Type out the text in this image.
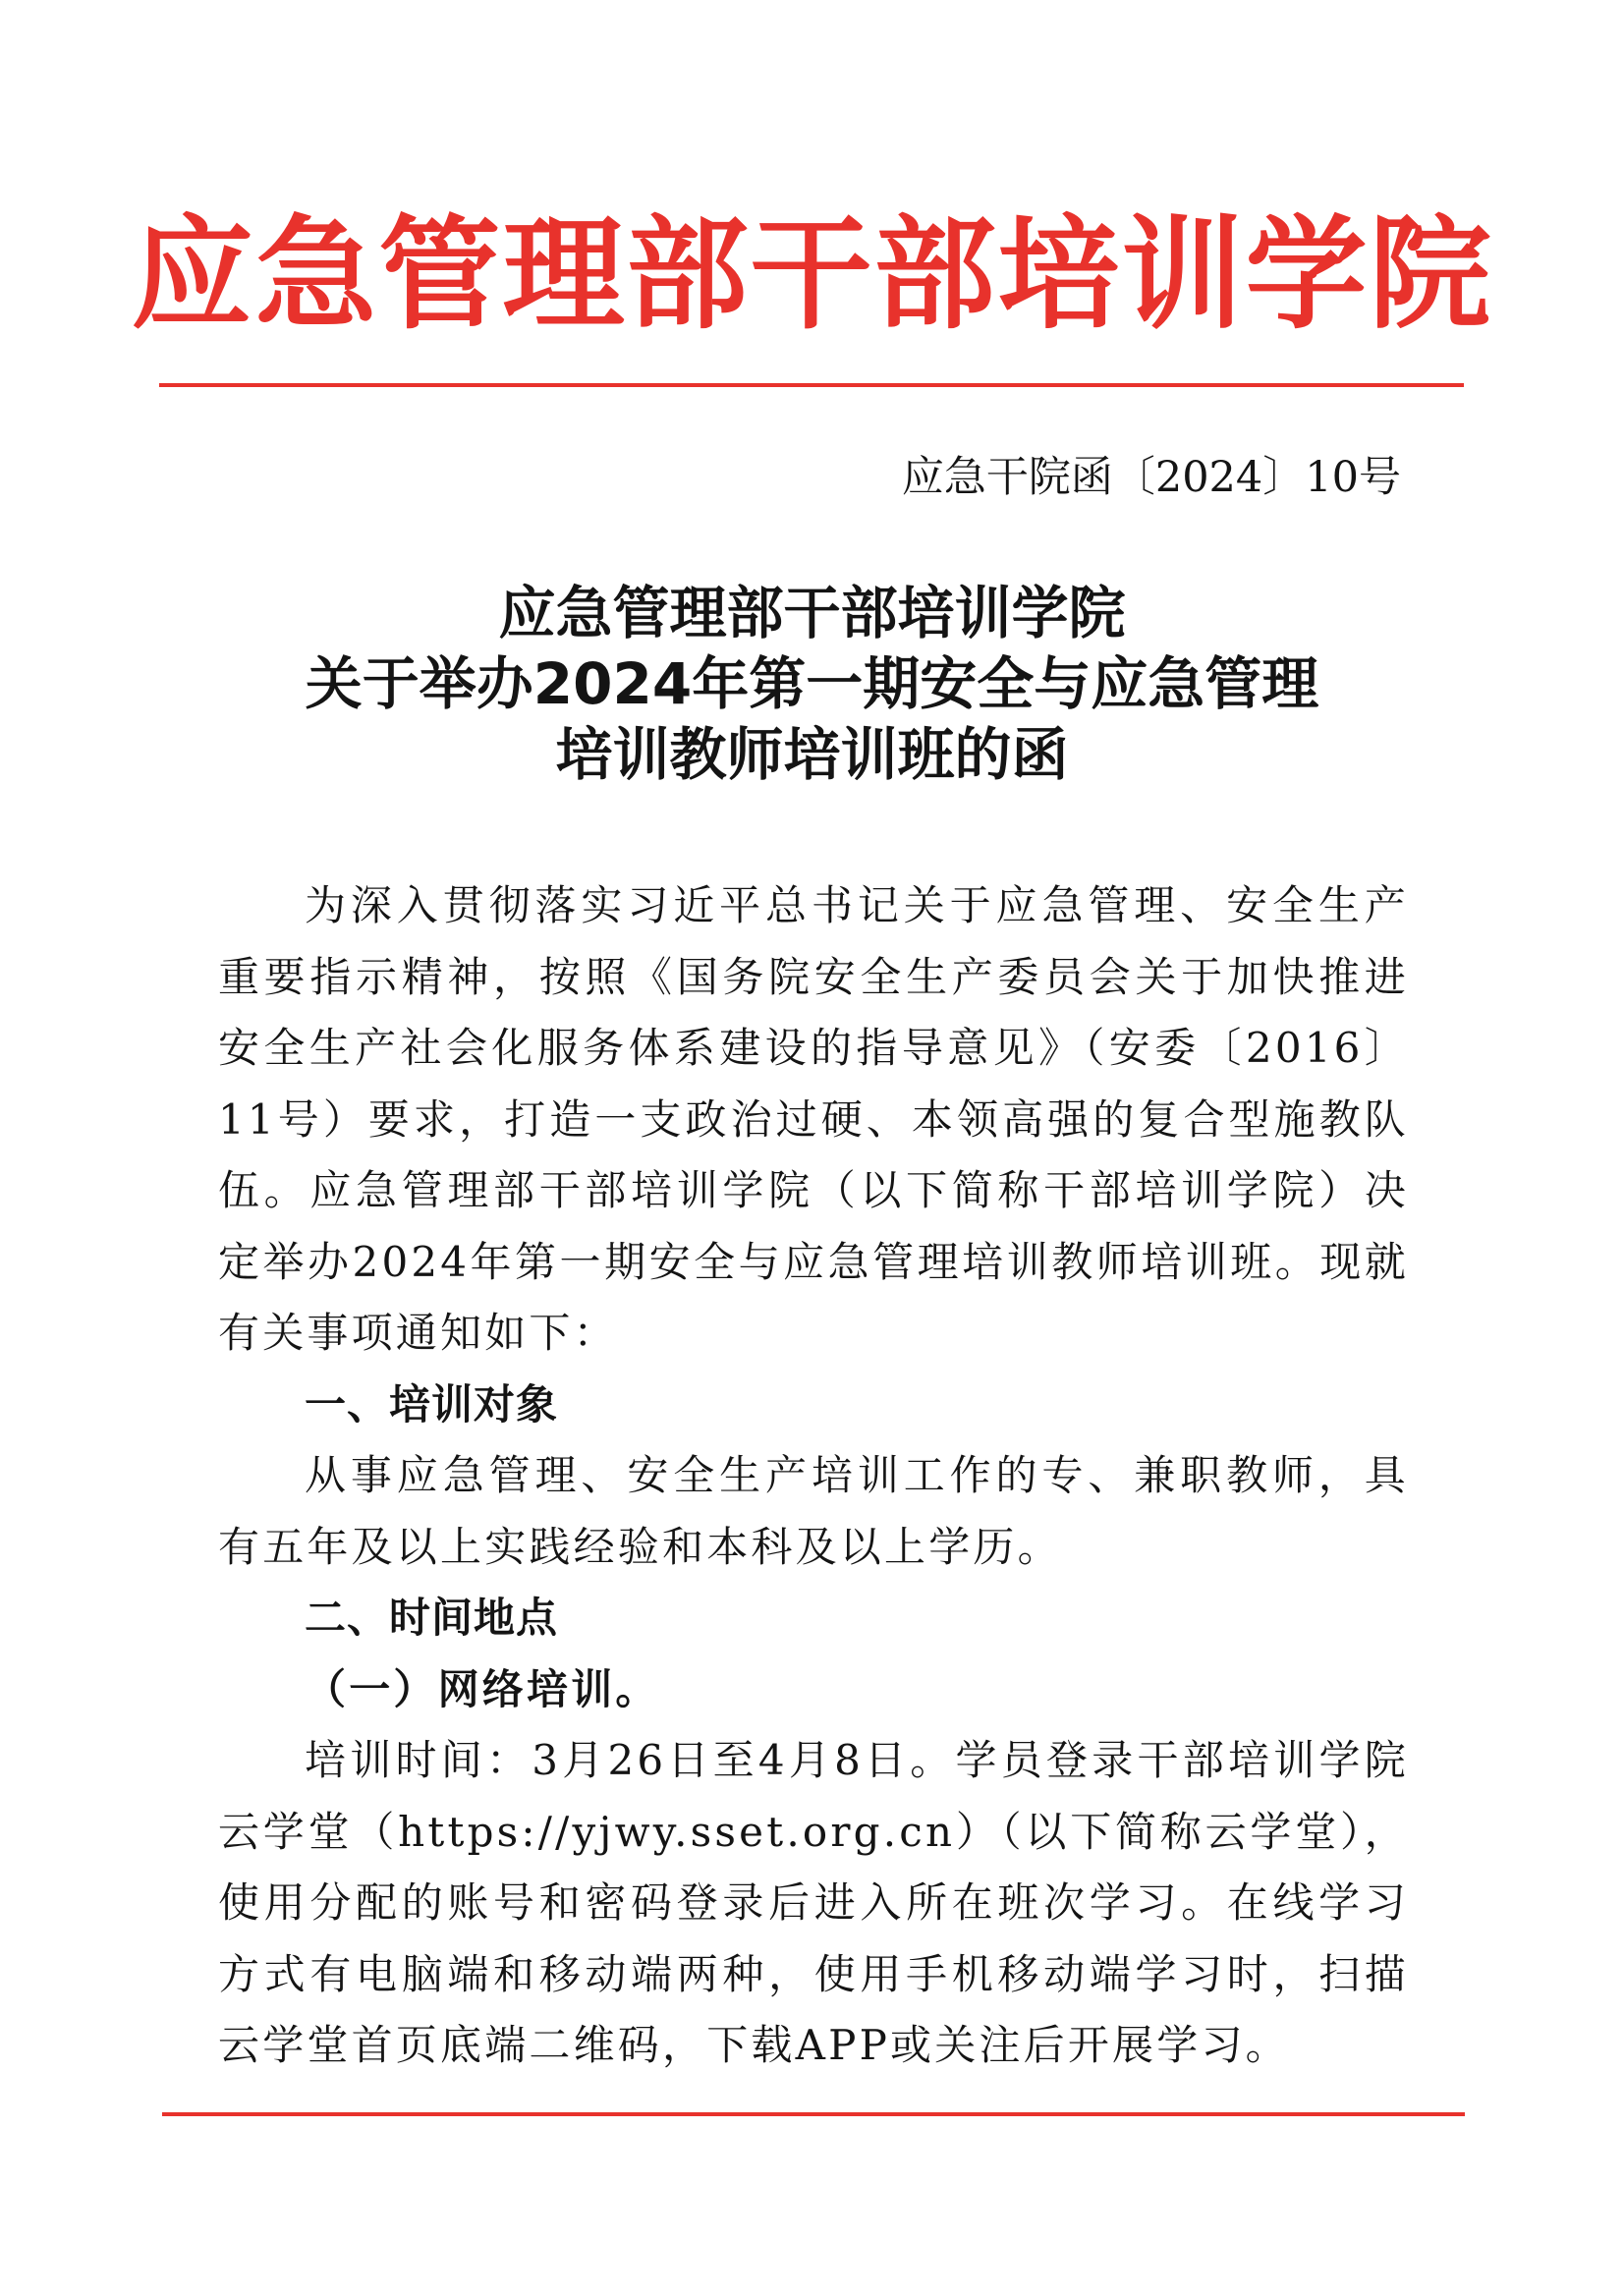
应急管理部干部培训学院
应急干院函〔2024〕10号
应急管理部干部培训学院
关于举办2024年第一期安全与应急管理
培训教师培训班的函

为深入贯彻落实习近平总书记关于应急管理、安全生产重要指示精神，按照《国务院安全生产委员会关于加快推进安全生产社会化服务体系建设的指导意见》（安委〔2016〕11号）要求，打造一支政治过硬、本领高强的复合型施教队伍。应急管理部干部培训学院（以下简称干部培训学院）决定举办2024年第一期安全与应急管理培训教师培训班。现就有关事项通知如下：

一、培训对象

从事应急管理、安全生产培训工作的专、兼职教师，具有五年及以上实践经验和本科及以上学历。

二、时间地点

（一）网络培训。

培训时间：3月26日至4月8日。学员登录干部培训学院云学堂（https://yjwy.sset.org.cn）（以下简称云学堂），使用分配的账号和密码登录后进入所在班次学习。在线学习方式有电脑端和移动端两种，使用手机移动端学习时，扫描云学堂首页底端二维码，下载APP或关注后开展学习。
